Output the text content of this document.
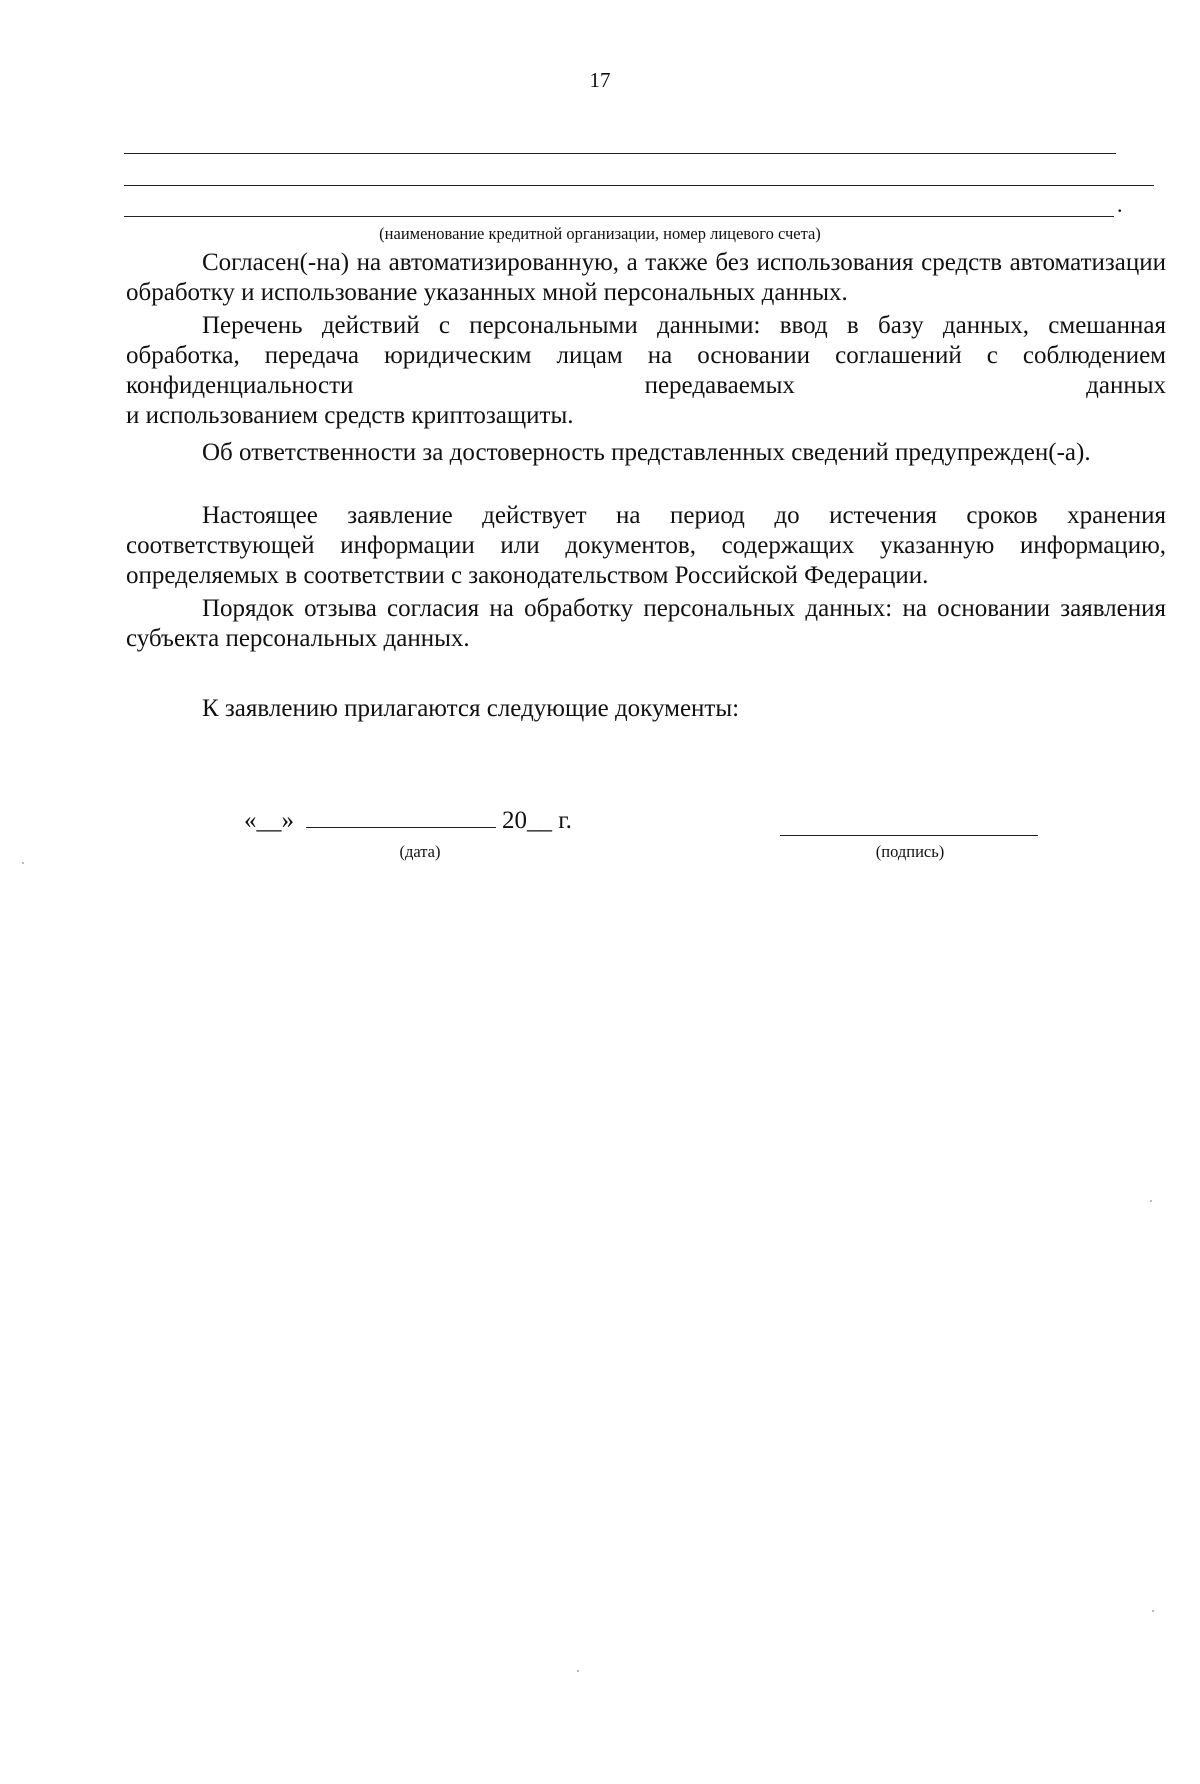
17
.
(наименование кредитной организации, номер лицевого счета)
Согласен(-на) на автоматизированную, а также без использования средств автоматизации обработку и использование указанных мной персональных данных.
Перечень действий с персональными данными: ввод в базу данных, смешанная обработка, передача юридическим лицам на основании соглашений с соблюдением конфиденциальности передаваемых данных
и использованием средств криптозащиты.
Об ответственности за достоверность представленных сведений предупрежден(-а).
Настоящее заявление действует на период до истечения сроков хранения соответствующей информации или документов, содержащих указанную информацию, определяемых в соответствии с законодательством Российской Федерации.
Порядок отзыва согласия на обработку персональных данных: на основании заявления субъекта персональных данных.
К заявлению прилагаются следующие документы:
«__»	20__ г.
(дата)	(подпись)
